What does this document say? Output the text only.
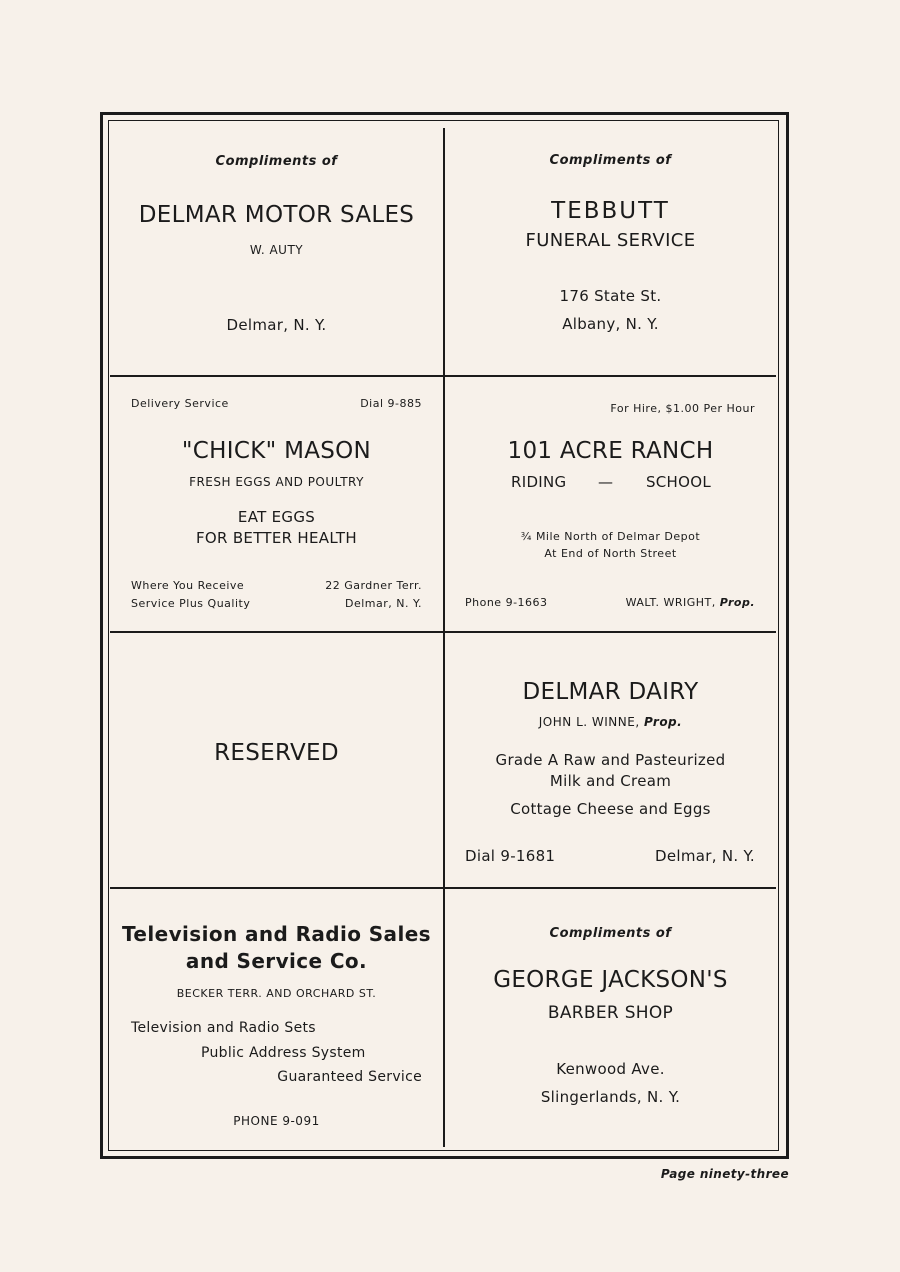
Compliments of
DELMAR MOTOR SALES
W. AUTY
Delmar, N. Y.
Compliments of
TEBBUTT
FUNERAL SERVICE
176 State St.
Albany, N. Y.
Delivery Service	Dial 9-885
"CHICK" MASON
FRESH EGGS AND POULTRY
EAT EGGS
FOR BETTER HEALTH
Where You Receive
Service Plus Quality
22 Gardner Terr.
Delmar, N. Y.
For Hire, $1.00 Per Hour
101 ACRE RANCH
RIDING — SCHOOL
¾ Mile North of Delmar Depot
At End of North Street
Phone 9-1663	WALT. WRIGHT, Prop.
RESERVED
DELMAR DAIRY
JOHN L. WINNE, Prop.
Grade A Raw and Pasteurized
Milk and Cream
Cottage Cheese and Eggs
Dial 9-1681	Delmar, N. Y.
Television and Radio Sales
and Service Co.
BECKER TERR. AND ORCHARD ST.
Television and Radio Sets
Public Address System
Guaranteed Service
PHONE 9-091
Compliments of
GEORGE JACKSON'S
BARBER SHOP
Kenwood Ave.
Slingerlands, N. Y.
Page ninety-three
